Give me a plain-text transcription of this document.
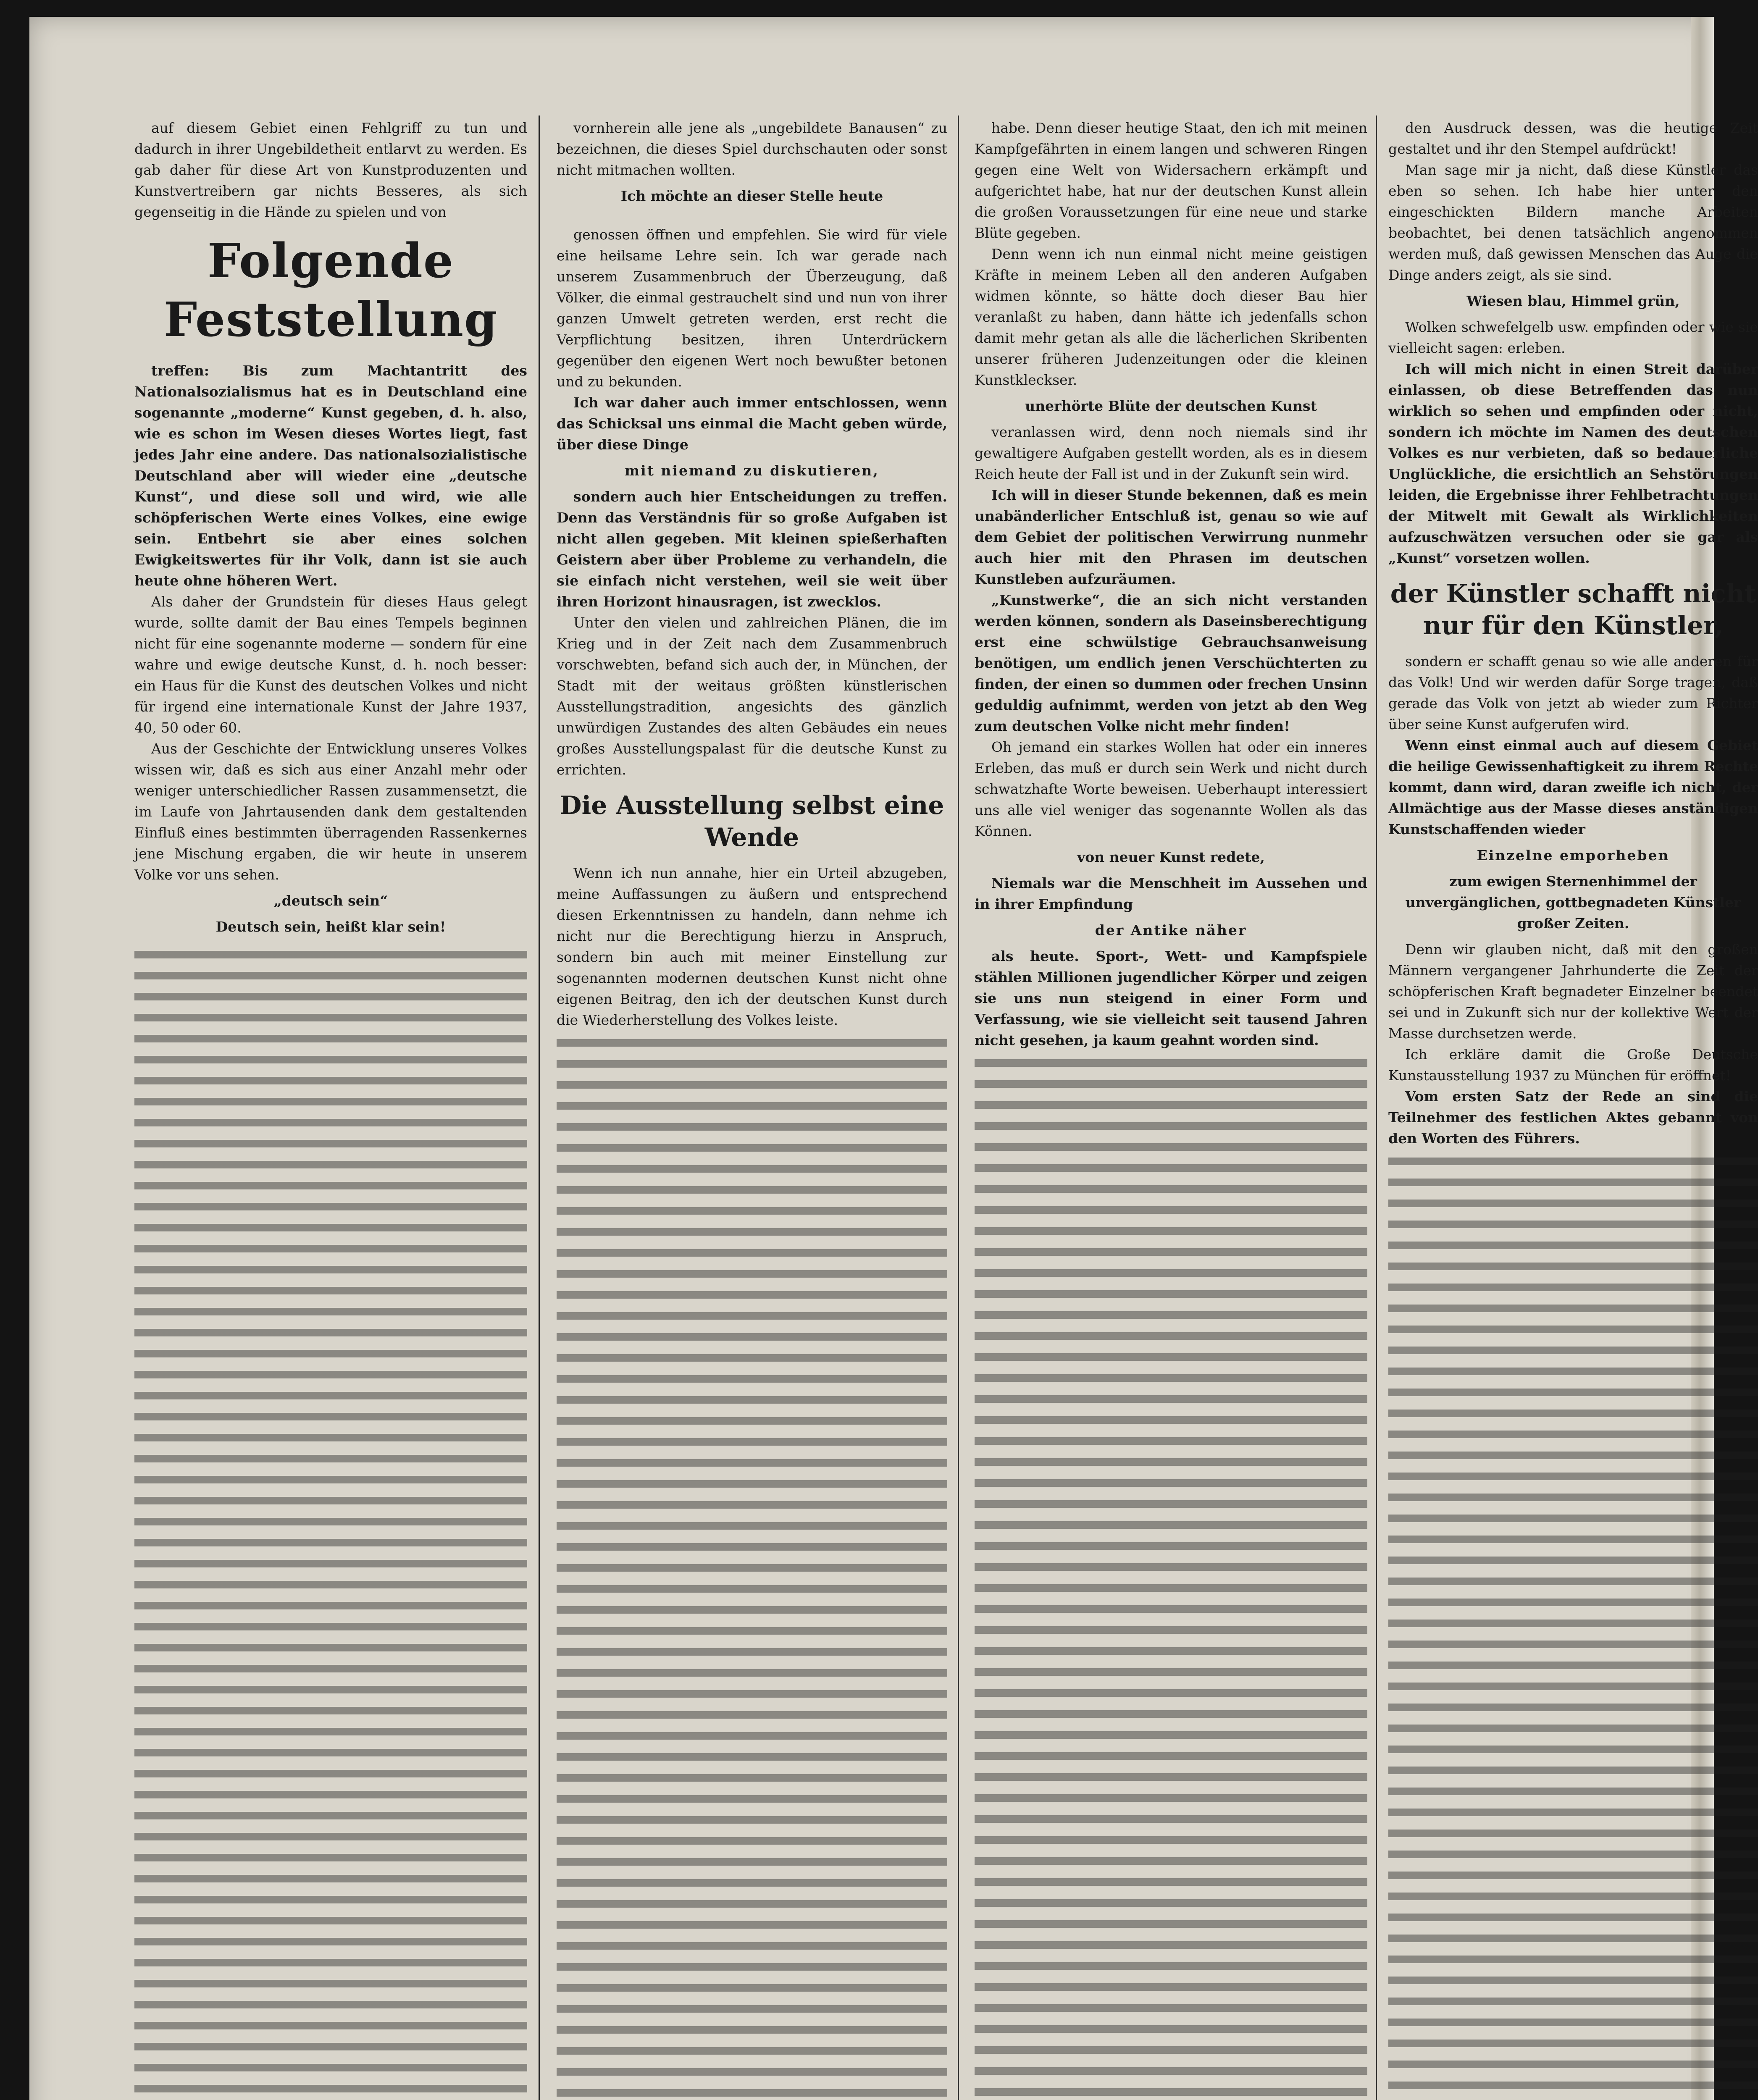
auf diesem Gebiet einen Fehlgriff zu tun und dadurch in ihrer Ungebildetheit entlarvt zu werden. Es gab daher für diese Art von Kunstproduzenten und Kunstvertreibern gar nichts Besseres, als sich gegenseitig in die Hände zu spielen und von

Folgende Feststellung

treffen: Bis zum Machtantritt des Nationalsozialismus hat es in Deutschland eine sogenannte „moderne“ Kunst gegeben, d. h. also, wie es schon im Wesen dieses Wortes liegt, fast jedes Jahr eine andere. Das nationalsozialistische Deutschland aber will wieder eine „deutsche Kunst“, und diese soll und wird, wie alle schöpferischen Werte eines Volkes, eine ewige sein. Entbehrt sie aber eines solchen Ewigkeitswertes für ihr Volk, dann ist sie auch heute ohne höheren Wert.

Als daher der Grundstein für dieses Haus gelegt wurde, sollte damit der Bau eines Tempels beginnen nicht für eine sogenannte moderne — sondern für eine wahre und ewige deutsche Kunst, d. h. noch besser: ein Haus für die Kunst des deutschen Volkes und nicht für irgend eine internationale Kunst der Jahre 1937, 40, 50 oder 60.

Aus der Geschichte der Entwicklung unseres Volkes wissen wir, daß es sich aus einer Anzahl mehr oder weniger unterschiedlicher Rassen zusammensetzt, die im Laufe von Jahrtausenden dank dem gestaltenden Einfluß eines bestimmten überragenden Rassenkernes jene Mischung ergaben, die wir heute in unserem Volke vor uns sehen.

„deutsch sein“

Deutsch sein, heißt klar sein!

vornherein alle jene als „ungebildete Banausen“ zu bezeichnen, die dieses Spiel durchschauten oder sonst nicht mitmachen wollten.

Ich möchte an dieser Stelle heute

genossen öffnen und empfehlen. Sie wird für viele eine heilsame Lehre sein. Ich war gerade nach unserem Zusammenbruch der Überzeugung, daß Völker, die einmal gestrauchelt sind und nun von ihrer ganzen Umwelt getreten werden, erst recht die Verpflichtung besitzen, ihren Unterdrückern gegenüber den eigenen Wert noch bewußter betonen und zu bekunden.

Ich war daher auch immer entschlossen, wenn das Schicksal uns einmal die Macht geben würde, über diese Dinge

mit niemand zu diskutieren,

sondern auch hier Entscheidungen zu treffen. Denn das Verständnis für so große Aufgaben ist nicht allen gegeben. Mit kleinen spießerhaften Geistern aber über Probleme zu verhandeln, die sie einfach nicht verstehen, weil sie weit über ihren Horizont hinausragen, ist zwecklos.

Unter den vielen und zahlreichen Plänen, die im Krieg und in der Zeit nach dem Zusammenbruch vorschwebten, befand sich auch der, in München, der Stadt mit der weitaus größten künstlerischen Ausstellungstradition, angesichts des gänzlich unwürdigen Zustandes des alten Gebäudes ein neues großes Ausstellungspalast für die deutsche Kunst zu errichten.

Die Ausstellung selbst eine Wende

Wenn ich nun annahe, hier ein Urteil abzugeben, meine Auffassungen zu äußern und entsprechend diesen Erkenntnissen zu handeln, dann nehme ich nicht nur die Berechtigung hierzu in Anspruch, sondern bin auch mit meiner Einstellung zur sogenannten modernen deutschen Kunst nicht ohne eigenen Beitrag, den ich der deutschen Kunst durch die Wiederherstellung des Volkes leiste.

habe. Denn dieser heutige Staat, den ich mit meinen Kampfgefährten in einem langen und schweren Ringen gegen eine Welt von Widersachern erkämpft und aufgerichtet habe, hat nur der deutschen Kunst allein die großen Voraussetzungen für eine neue und starke Blüte gegeben.

Denn wenn ich nun einmal nicht meine geistigen Kräfte in meinem Leben all den anderen Aufgaben widmen könnte, so hätte doch dieser Bau hier veranlaßt zu haben, dann hätte ich jedenfalls schon damit mehr getan als alle die lächerlichen Skribenten unserer früheren Judenzeitungen oder die kleinen Kunstkleckser.

unerhörte Blüte der deutschen Kunst

veranlassen wird, denn noch niemals sind ihr gewaltigere Aufgaben gestellt worden, als es in diesem Reich heute der Fall ist und in der Zukunft sein wird.

Ich will in dieser Stunde bekennen, daß es mein unabänderlicher Entschluß ist, genau so wie auf dem Gebiet der politischen Verwirrung nunmehr auch hier mit den Phrasen im deutschen Kunstleben aufzuräumen.

„Kunstwerke“, die an sich nicht verstanden werden können, sondern als Daseinsberechtigung erst eine schwülstige Gebrauchsanweisung benötigen, um endlich jenen Verschüchterten zu finden, der einen so dummen oder frechen Unsinn geduldig aufnimmt, werden von jetzt ab den Weg zum deutschen Volke nicht mehr finden!

Oh jemand ein starkes Wollen hat oder ein inneres Erleben, das muß er durch sein Werk und nicht durch schwatzhafte Worte beweisen. Ueberhaupt interessiert uns alle viel weniger das sogenannte Wollen als das Können.

von neuer Kunst redete,

Niemals war die Menschheit im Aussehen und in ihrer Empfindung

der Antike näher

als heute. Sport-, Wett- und Kampfspiele stählen Millionen jugendlicher Körper und zeigen sie uns nun steigend in einer Form und Verfassung, wie sie vielleicht seit tausend Jahren nicht gesehen, ja kaum geahnt worden sind.

den Ausdruck dessen, was die heutige Zeit gestaltet und ihr den Stempel aufdrückt!

Man sage mir ja nicht, daß diese Künstler das eben so sehen. Ich habe hier unter den eingeschickten Bildern manche Arbeiten beobachtet, bei denen tatsächlich angenommen werden muß, daß gewissen Menschen das Auge die Dinge anders zeigt, als sie sind.

Wiesen blau, Himmel grün,

Wolken schwefelgelb usw. empfinden oder wie sie vielleicht sagen: erleben.

Ich will mich nicht in einen Streit darüber einlassen, ob diese Betreffenden das nun wirklich so sehen und empfinden oder nicht, sondern ich möchte im Namen des deutschen Volkes es nur verbieten, daß so bedauerliche Unglückliche, die ersichtlich an Sehstörungen leiden, die Ergebnisse ihrer Fehlbetrachtungen der Mitwelt mit Gewalt als Wirklichkeiten aufzuschwätzen versuchen oder sie gar als „Kunst“ vorsetzen wollen.

der Künstler schafft nicht nur für den Künstler,

sondern er schafft genau so wie alle anderen für das Volk! Und wir werden dafür Sorge tragen, daß gerade das Volk von jetzt ab wieder zum Richter über seine Kunst aufgerufen wird.

Wenn einst einmal auch auf diesem Gebiet die heilige Gewissenhaftigkeit zu ihrem Rechte kommt, dann wird, daran zweifle ich nicht, der Allmächtige aus der Masse dieses anständigen Kunstschaffenden wieder

Einzelne emporheben

zum ewigen Sternenhimmel der unvergänglichen, gottbegnadeten Künstler großer Zeiten.

Denn wir glauben nicht, daß mit den großen Männern vergangener Jahrhunderte die Zeit der schöpferischen Kraft begnadeter Einzelner beendet sei und in Zukunft sich nur der kollektive Wert der Masse durchsetzen werde.

Ich erkläre damit die Große Deutsche Kunstausstellung 1937 zu München für eröffnet!

Vom ersten Satz der Rede an sind die Teilnehmer des festlichen Aktes gebannt von den Worten des Führers.
